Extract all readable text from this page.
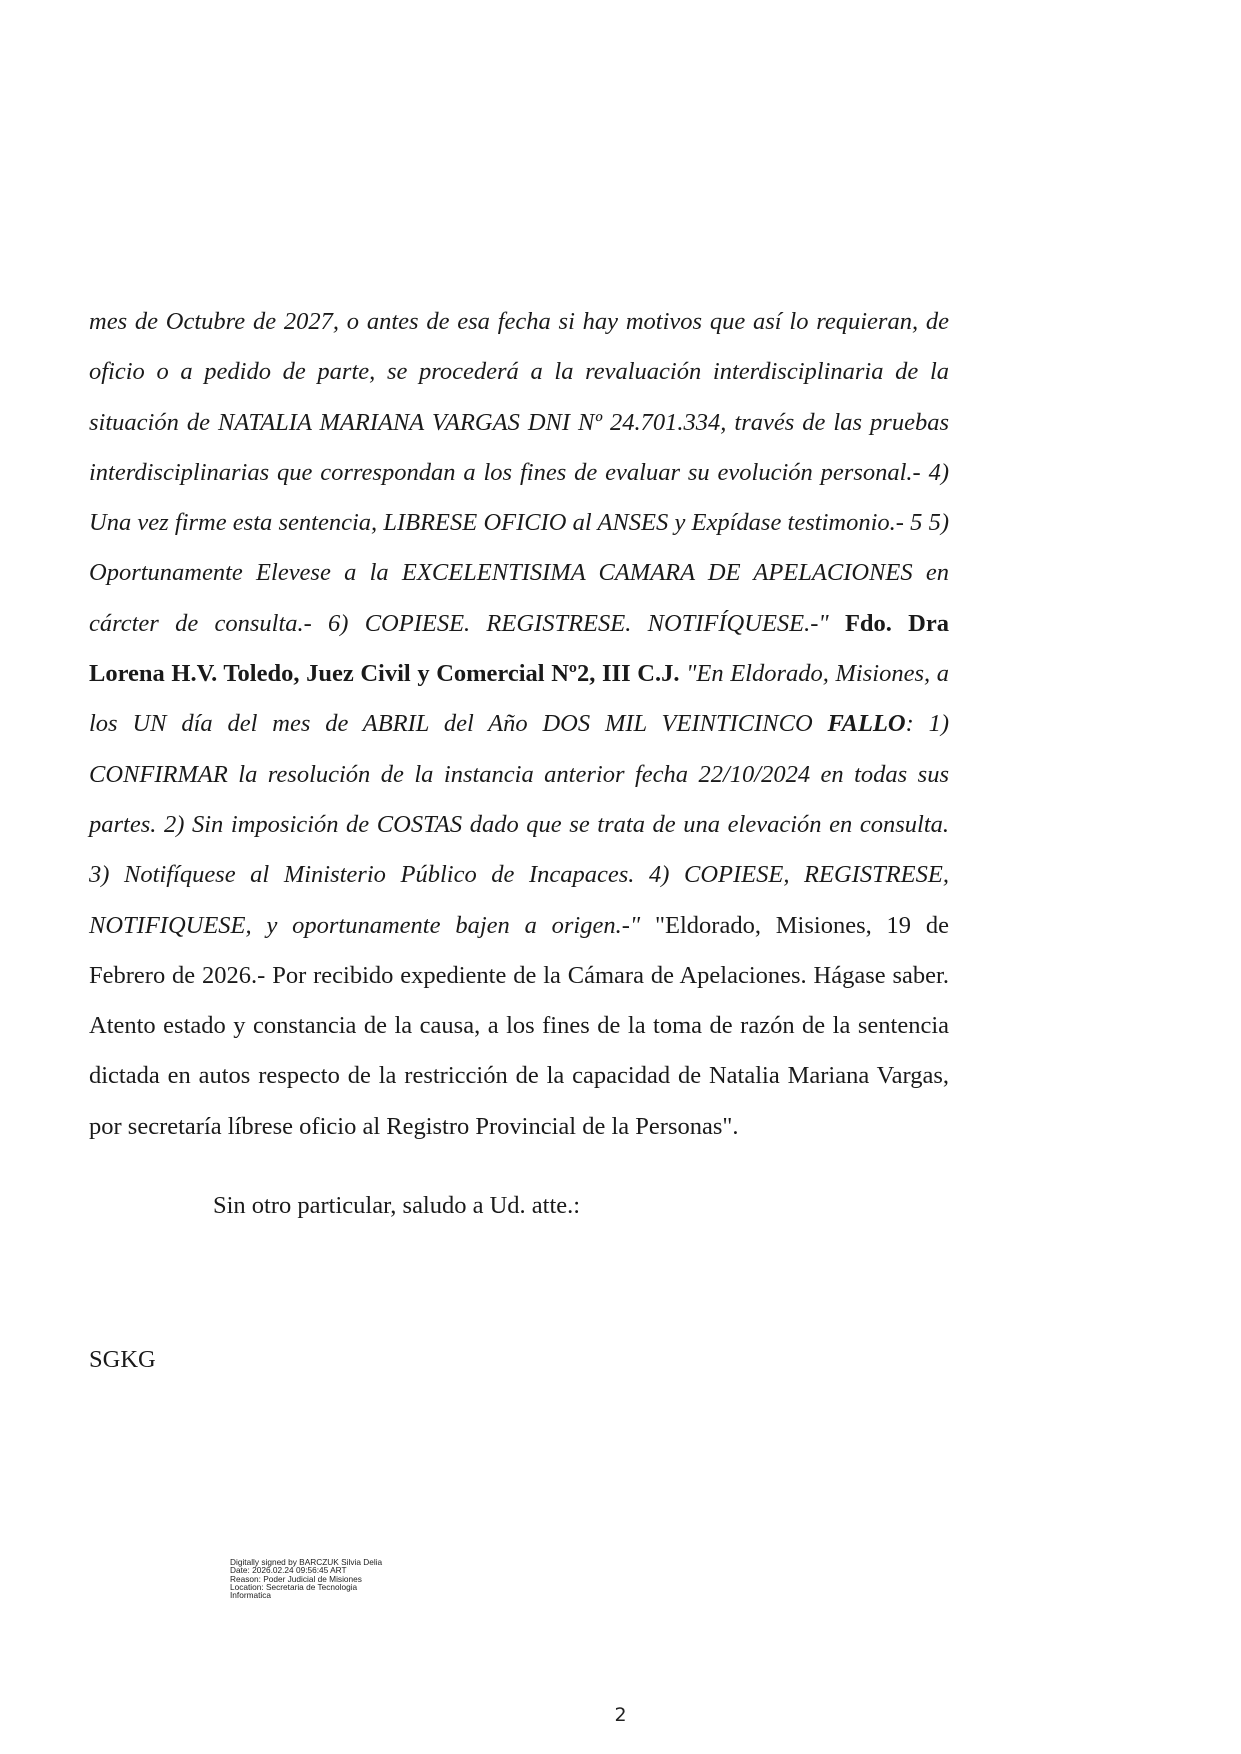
mes de Octubre de 2027, o antes de esa fecha si hay motivos que así lo requieran, de oficio o a pedido de parte, se procederá a la revaluación interdisciplinaria de la situación de NATALIA MARIANA VARGAS DNI Nº 24.701.334, través de las pruebas interdisciplinarias que correspondan a los fines de evaluar su evolución personal.- 4) Una vez firme esta sentencia, LIBRESE OFICIO al ANSES y Expídase testimonio.- 5 5) Oportunamente Elevese a la EXCELENTISIMA CAMARA DE APELACIONES en cárcter de consulta.- 6) COPIESE. REGISTRESE. NOTIFÍQUESE.-" Fdo. Dra Lorena H.V. Toledo, Juez Civil y Comercial Nº2, III C.J. "En Eldorado, Misiones, a los UN día del mes de ABRIL del Año DOS MIL VEINTICINCO FALLO: 1) CONFIRMAR la resolución de la instancia anterior fecha 22/10/2024 en todas sus partes. 2) Sin imposición de COSTAS dado que se trata de una elevación en consulta. 3) Notifíquese al Ministerio Público de Incapaces. 4) COPIESE, REGISTRESE, NOTIFIQUESE, y oportunamente bajen a origen.-" "Eldorado, Misiones, 19 de Febrero de 2026.- Por recibido expediente de la Cámara de Apelaciones. Hágase saber. Atento estado y constancia de la causa, a los fines de la toma de razón de la sentencia dictada en autos respecto de la restricción de la capacidad de Natalia Mariana Vargas, por secretaría líbrese oficio al Registro Provincial de la Personas".

Sin otro particular, saludo a Ud. atte.:

SGKG

Digitally signed by BARCZUK Silvia Delia
Date: 2026.02.24 09:56:45 ART
Reason: Poder Judicial de Misiones
Location: Secretaria de Tecnologia
Informatica
2
